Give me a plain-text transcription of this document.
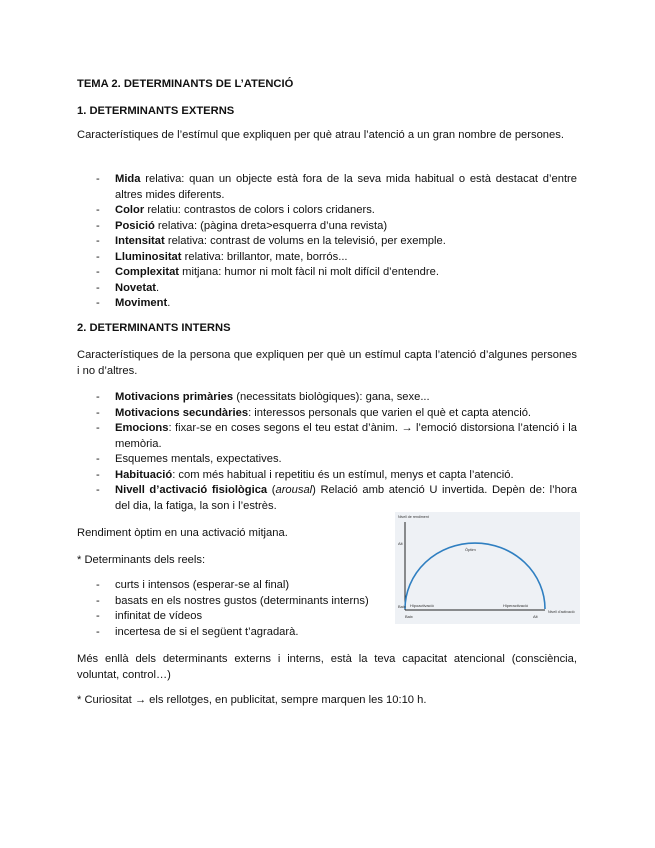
TEMA 2. DETERMINANTS DE L’ATENCIÓ
1. DETERMINANTS EXTERNS
Característiques de l’estímul que expliquen per què atrau l’atenció a un gran nombre de persones.
- Mida relativa: quan un objecte està fora de la seva mida habitual o està destacat d’entre altres mides diferents.
- Color relatiu: contrastos de colors i colors cridaners.
- Posició relativa: (pàgina dreta>esquerra d’una revista)
- Intensitat relativa: contrast de volums en la televisió, per exemple.
- Lluminositat relativa: brillantor, mate, borrós...
- Complexitat mitjana: humor ni molt fàcil ni molt difícil d’entendre.
- Novetat.
- Moviment.
2. DETERMINANTS INTERNS
Característiques de la persona que expliquen per què un estímul capta l’atenció d’algunes persones i no d’altres.
- Motivacions primàries (necessitats biològiques): gana, sexe...
- Motivacions secundàries: interessos personals que varien el què et capta atenció.
- Emocions: fixar-se en coses segons el teu estat d’ànim. → l’emoció distorsiona l’atenció i la memòria.
- Esquemes mentals, expectatives.
- Habituació: com més habitual i repetitiu és un estímul, menys et capta l’atenció.
- Nivell d’activació fisiològica (arousal) Relació amb atenció U invertida. Depèn de: l’hora del dia, la fatiga, la son i l’estrès.
Rendiment òptim en una activació mitjana.
* Determinants dels reels:
- curts i intensos (esperar-se al final)
- basats en els nostres gustos (determinants interns)
- infinitat de vídeos
- incertesa de si el següent t’agradarà.
Més enllà dels determinants externs i interns, està la teva capacitat atencional (consciència, voluntat, control…)
* Curiositat → els rellotges, en publicitat, sempre marquen les 10:10 h.
Nivell de rendiment
Alt
Baix
Nivell d’activació
Baix	Alt
Òptim
Hipoactivació	Hiperactivació
